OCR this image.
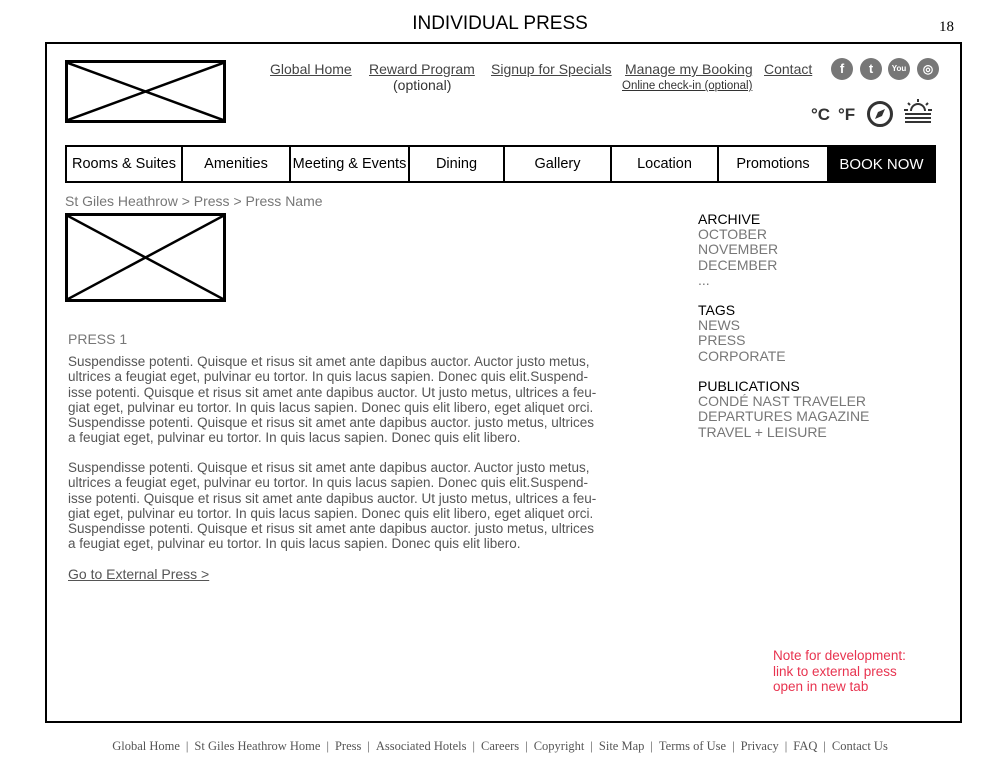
INDIVIDUAL PRESS	18
Global Home Reward Program
(optional)
Signup for Specials Manage my Booking
Online check-in (optional)
Contact	f	t	You	◎
°C °F
Rooms & Suites	Amenities	Meeting & Events	Dining	Gallery	Location	Promotions	BOOK NOW
St Giles Heathrow > Press > Press Name
PRESS 1
Suspendisse potenti. Quisque et risus sit amet ante dapibus auctor. Auctor justo metus,
ultrices a feugiat eget, pulvinar eu tortor. In quis lacus sapien. Donec quis elit.Suspend-
isse potenti. Quisque et risus sit amet ante dapibus auctor. Ut justo metus, ultrices a feu-
giat eget, pulvinar eu tortor. In quis lacus sapien. Donec quis elit libero, eget aliquet orci.
Suspendisse potenti. Quisque et risus sit amet ante dapibus auctor. justo metus, ultrices
a feugiat eget, pulvinar eu tortor. In quis lacus sapien. Donec quis elit libero.
Suspendisse potenti. Quisque et risus sit amet ante dapibus auctor. Auctor justo metus,
ultrices a feugiat eget, pulvinar eu tortor. In quis lacus sapien. Donec quis elit.Suspend-
isse potenti. Quisque et risus sit amet ante dapibus auctor. Ut justo metus, ultrices a feu-
giat eget, pulvinar eu tortor. In quis lacus sapien. Donec quis elit libero, eget aliquet orci.
Suspendisse potenti. Quisque et risus sit amet ante dapibus auctor. justo metus, ultrices
a feugiat eget, pulvinar eu tortor. In quis lacus sapien. Donec quis elit libero.
Go to External Press >
ARCHIVE
OCTOBER
NOVEMBER
DECEMBER
...
TAGS
NEWS
PRESS
CORPORATE
PUBLICATIONS
CONDÉ NAST TRAVELER
DEPARTURES MAGAZINE
TRAVEL + LEISURE
Note for development:
link to external press
open in new tab
Global Home | St Giles Heathrow Home | Press | Associated Hotels | Careers | Copyright | Site Map | Terms of Use | Privacy | FAQ | Contact Us
